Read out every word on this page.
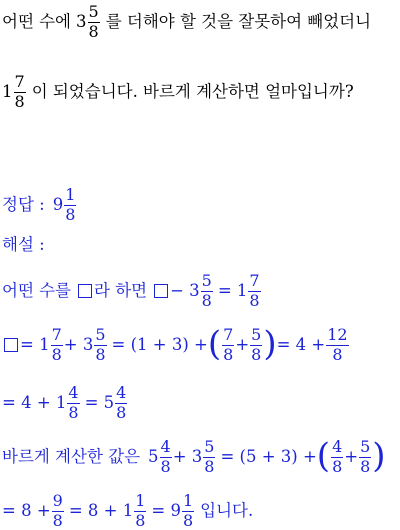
어떤 수에 $3 \frac{5}{8}$ 를 더해야 할 것을 잘못하여 빼었더니
$1 \frac{7}{8}$ 이 되었습니다. 바르게 계산하면 얼마입니까?
정답 : $9 \frac{1}{8}$
해설 :
어떤 수를 라 하면 − $3 \frac{5}{8} = 1 \frac{7}{8}$
= $1 \frac{7}{8} + 3 \frac{5}{8} = (1 + 3)$ + ( $\frac{7}{8} + \frac{5}{8}$ ) = $4 + \frac{12}{8}$
= $4 + 1 \frac{4}{8} = 5 \frac{4}{8}$
바르게 계산한 값은 $5 \frac{4}{8} + 3 \frac{5}{8} = (5 + 3)$ + ( $\frac{4}{8} + \frac{5}{8}$ )
= $8 + \frac{9}{8} = 8 + 1 \frac{1}{8} = 9 \frac{1}{8}$ 입니다.
